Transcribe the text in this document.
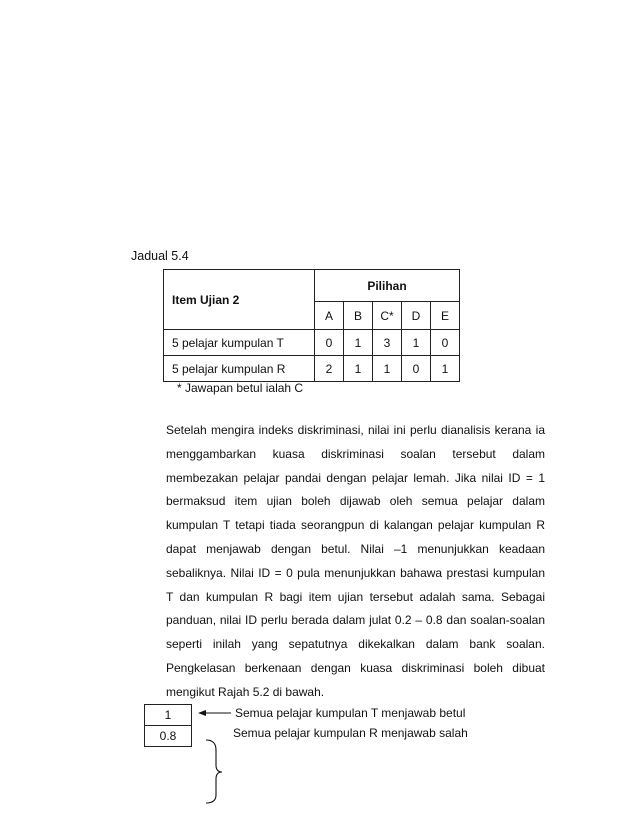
Jadual 5.4
Item Ujian 2	Pilihan				
	A	B	C*	D	E
5 pelajar kumpulan T	0	1	3	1	0
5 pelajar kumpulan R	2	1	1	0	1
* Jawapan betul ialah C

Setelah mengira indeks diskriminasi, nilai ini perlu dianalisis kerana ia menggambarkan kuasa diskriminasi soalan tersebut dalam membezakan pelajar pandai dengan pelajar lemah. Jika nilai ID = 1 bermaksud item ujian boleh dijawab oleh semua pelajar dalam kumpulan T tetapi tiada seorangpun di kalangan pelajar kumpulan R dapat menjawab dengan betul. Nilai –1 menunjukkan keadaan sebaliknya. Nilai ID = 0 pula menunjukkan bahawa prestasi kumpulan T dan kumpulan R bagi item ujian tersebut adalah sama. Sebagai panduan, nilai ID perlu berada dalam julat 0.2 – 0.8 dan soalan-soalan seperti inilah yang sepatutnya dikekalkan dalam bank soalan. Pengkelasan berkenaan dengan kuasa diskriminasi boleh dibuat mengikut Rajah 5.2 di bawah.

1
0.8
Semua pelajar kumpulan T menjawab betul
Semua pelajar kumpulan R menjawab salah
